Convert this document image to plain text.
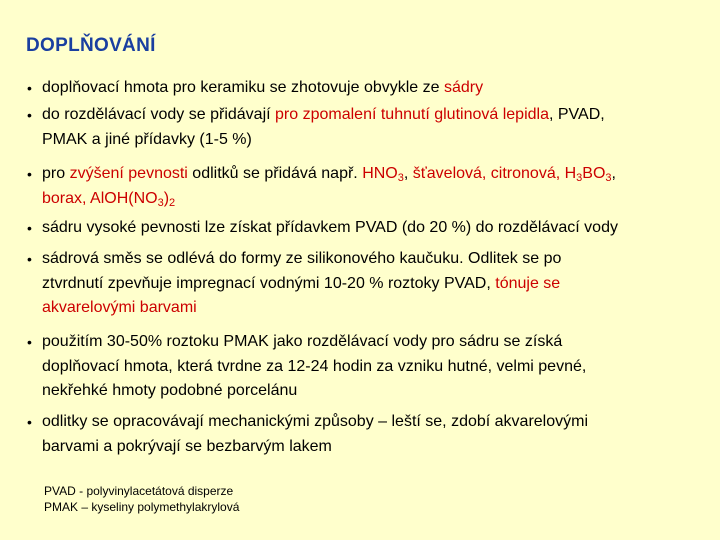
DOPLŇOVÁNÍ
• doplňovací hmota pro keramiku se zhotovuje obvykle ze sádry
• do rozdělávací vody se přidávají pro zpomalení tuhnutí glutinová lepidla, PVAD,
PMAK a jiné přídavky (1-5 %)
• pro zvýšení pevnosti odlitků se přidává např. $HNO_3$, šťavelová, citronová, $H_3BO_3$,
borax, $AlOH(NO_3)_2$
• sádru vysoké pevnosti lze získat přídavkem PVAD (do 20 %) do rozdělávací vody
• sádrová směs se odlévá do formy ze silikonového kaučuku. Odlitek se po
ztvrdnutí zpevňuje impregnací vodnými 10-20 % roztoky PVAD, tónuje se
akvarelovými barvami
• použitím 30-50% roztoku PMAK jako rozdělávací vody pro sádru se získá
doplňovací hmota, která tvrdne za 12-24 hodin za vzniku hutné, velmi pevné,
nekřehké hmoty podobné porcelánu
• odlitky se opracovávají mechanickými způsoby – leští se, zdobí akvarelovými
barvami a pokrývají se bezbarvým lakem
PVAD - polyvinylacetátová disperze
PMAK – kyseliny polymethylakrylová
